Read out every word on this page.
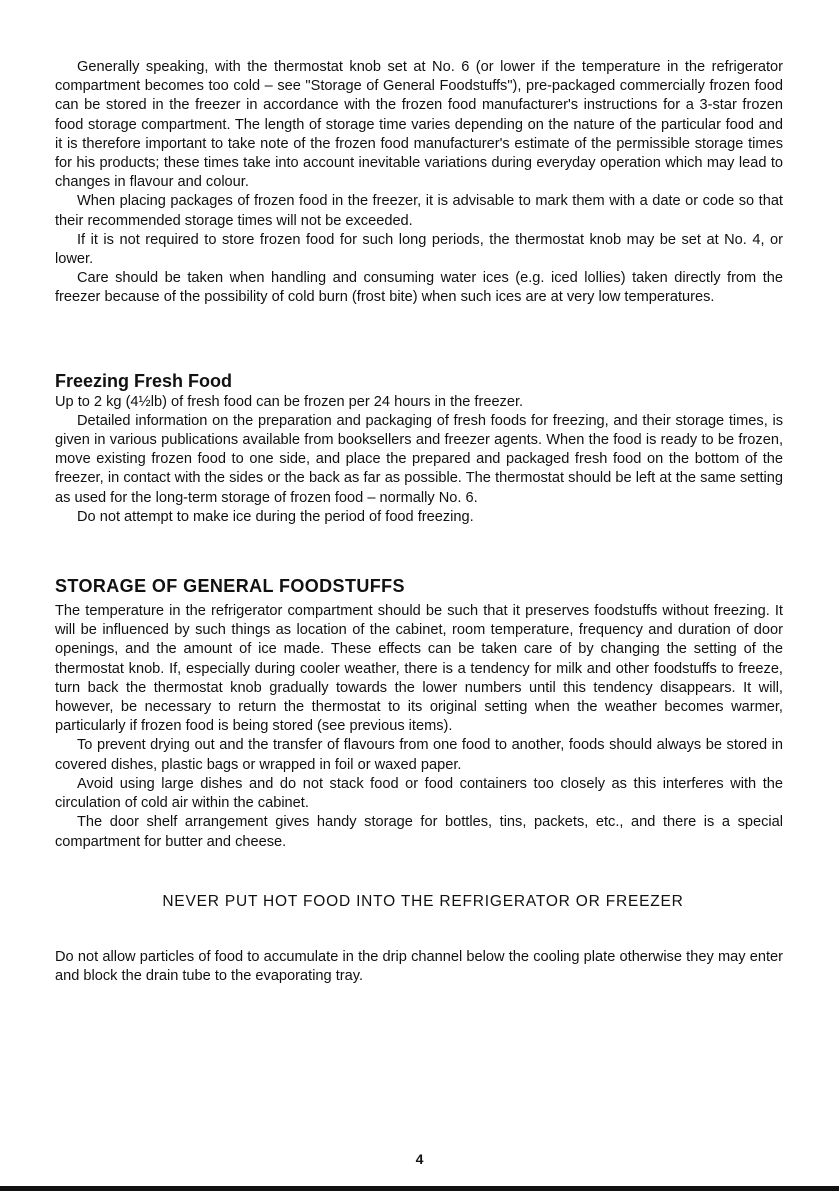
Generally speaking, with the thermostat knob set at No. 6 (or lower if the temperature in the refrigerator compartment becomes too cold – see "Storage of General Foodstuffs"), pre-packaged commercially frozen food can be stored in the freezer in accordance with the frozen food manufacturer's instructions for a 3-star frozen food storage compartment. The length of storage time varies depending on the nature of the particular food and it is therefore important to take note of the frozen food manufacturer's estimate of the permissible storage times for his products; these times take into account inevitable variations during everyday operation which may lead to changes in flavour and colour.

When placing packages of frozen food in the freezer, it is advisable to mark them with a date or code so that their recommended storage times will not be exceeded.

If it is not required to store frozen food for such long periods, the thermostat knob may be set at No. 4, or lower.

Care should be taken when handling and consuming water ices (e.g. iced lollies) taken directly from the freezer because of the possibility of cold burn (frost bite) when such ices are at very low temperatures.

Freezing Fresh Food

Up to 2 kg (4½lb) of fresh food can be frozen per 24 hours in the freezer.

Detailed information on the preparation and packaging of fresh foods for freezing, and their storage times, is given in various publications available from booksellers and freezer agents. When the food is ready to be frozen, move existing frozen food to one side, and place the prepared and packaged fresh food on the bottom of the freezer, in contact with the sides or the back as far as possible. The thermostat should be left at the same setting as used for the long-term storage of frozen food – normally No. 6.

Do not attempt to make ice during the period of food freezing.

STORAGE OF GENERAL FOODSTUFFS

The temperature in the refrigerator compartment should be such that it preserves foodstuffs without freezing. It will be influenced by such things as location of the cabinet, room temperature, frequency and duration of door openings, and the amount of ice made. These effects can be taken care of by changing the setting of the thermostat knob. If, especially during cooler weather, there is a tendency for milk and other foodstuffs to freeze, turn back the thermostat knob gradually towards the lower numbers until this tendency disappears. It will, however, be necessary to return the thermostat to its original setting when the weather becomes warmer, particularly if frozen food is being stored (see previous items).

To prevent drying out and the transfer of flavours from one food to another, foods should always be stored in covered dishes, plastic bags or wrapped in foil or waxed paper.

Avoid using large dishes and do not stack food or food containers too closely as this interferes with the circulation of cold air within the cabinet.

The door shelf arrangement gives handy storage for bottles, tins, packets, etc., and there is a special compartment for butter and cheese.

NEVER PUT HOT FOOD INTO THE REFRIGERATOR OR FREEZER

Do not allow particles of food to accumulate in the drip channel below the cooling plate otherwise they may enter and block the drain tube to the evaporating tray.

4
